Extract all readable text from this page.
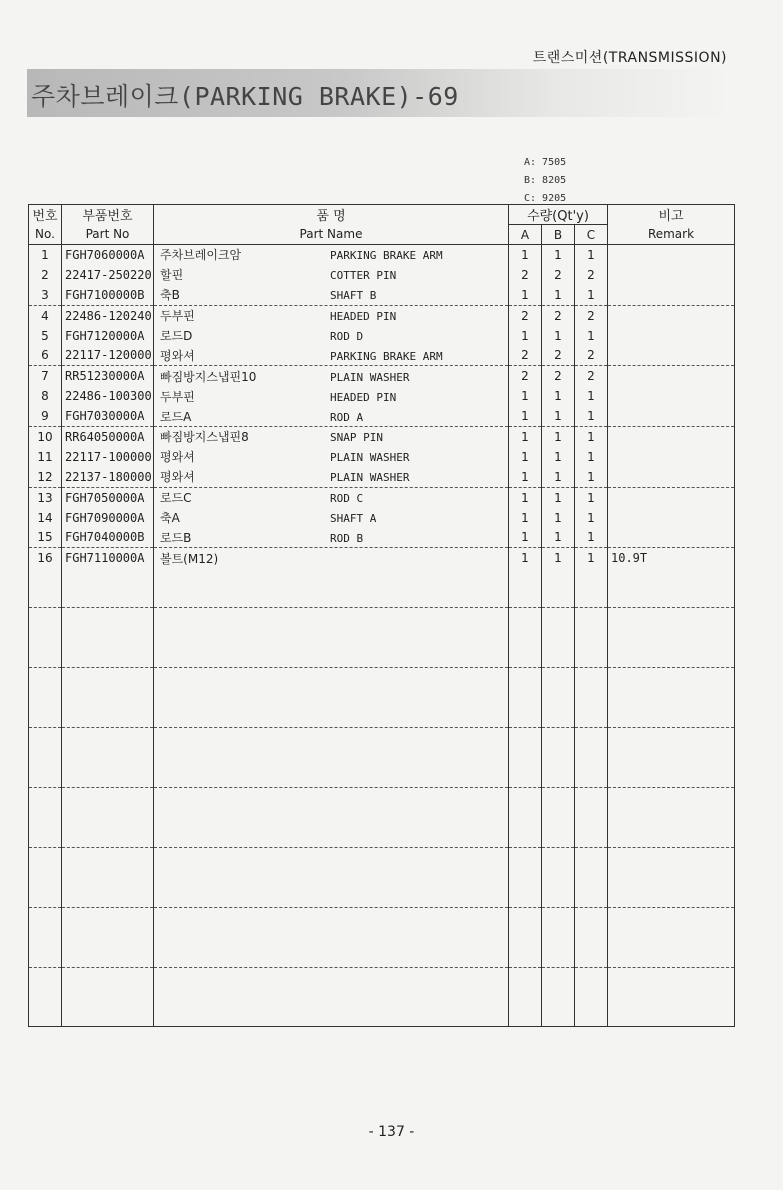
트랜스미션(TRANSMISSION)
주차브레이크(PARKING BRAKE)-69
A: 7505
B: 8205
C: 9205
번호	부품번호	품 명	수량(Qt'y)			비고
No.	Part No	Part Name	A	B	C	Remark
1	FGH7060000A	주차브레이크암 PARKING BRAKE ARM	1	1	1	
2	22417-250220	할핀 COTTER PIN	2	2	2	
3	FGH7100000B	축B SHAFT B	1	1	1	
4	22486-120240	두부핀 HEADED PIN	2	2	2	
5	FGH7120000A	로드D ROD D	1	1	1	
6	22117-120000	평와셔 PARKING BRAKE ARM	2	2	2	
7	RR51230000A	빠짐방지스냅핀10 PLAIN WASHER	2	2	2	
8	22486-100300	두부핀 HEADED PIN	1	1	1	
9	FGH7030000A	로드A ROD A	1	1	1	
10	RR64050000A	빠짐방지스냅핀8 SNAP PIN	1	1	1	
11	22117-100000	평와셔 PLAIN WASHER	1	1	1	
12	22137-180000	평와셔 PLAIN WASHER	1	1	1	
13	FGH7050000A	로드C ROD C	1	1	1	
14	FGH7090000A	축A SHAFT A	1	1	1	
15	FGH7040000B	로드B ROD B	1	1	1	
16	FGH7110000A	볼트(M12)	1	1	1	10.9T

- 137 -
